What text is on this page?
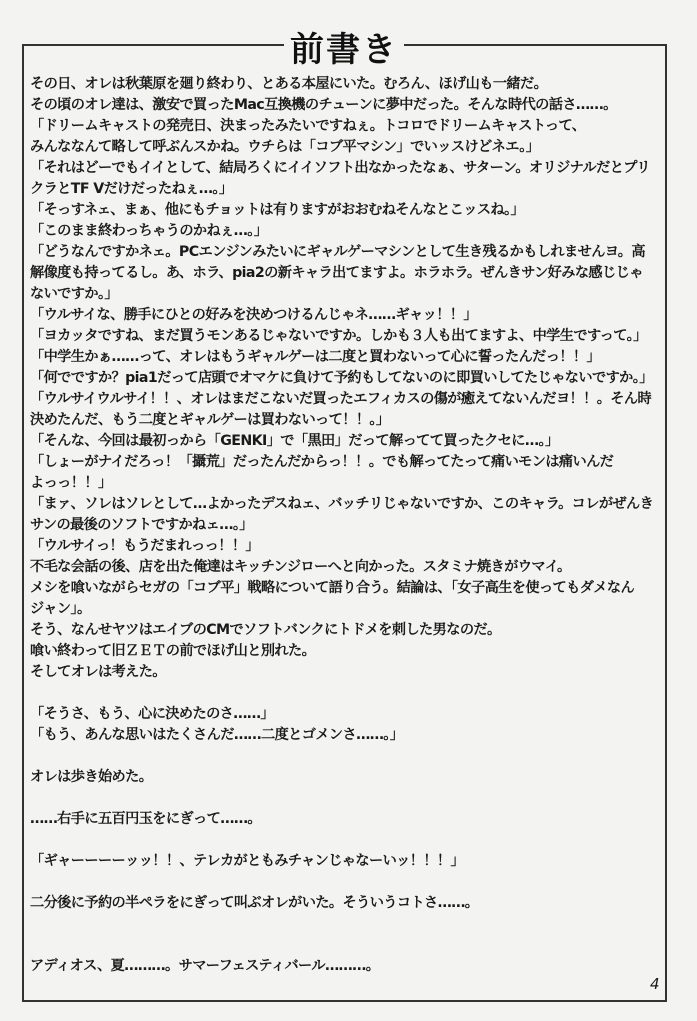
前書き
その日、オレは秋葉原を廻り終わり、とある本屋にいた。むろん、ほげ山も一緒だ。
その頃のオレ達は、激安で買ったMac互換機のチューンに夢中だった。そんな時代の話さ……。
「ドリームキャストの発売日、決まったみたいですねぇ。トコロでドリームキャストって、
みんななんて略して呼ぶんスかね。ウチらは「コブ平マシン」でいッスけどネエ。」
「それはどーでもイイとして、結局ろくにイイソフト出なかったなぁ、サターン。オリジナルだとプリ
クラとTF Vだけだったねぇ…。」
「そっすネェ、まぁ、他にもチョットは有りますがおおむねそんなとこッスね。」
「このまま終わっちゃうのかねぇ…。」
「どうなんですかネェ。PCエンジンみたいにギャルゲーマシンとして生き残るかもしれませんヨ。高
解像度も持ってるし。あ、ホラ、pia2の新キャラ出てますよ。ホラホラ。ぜんきサン好みな感じじゃ
ないですか。」
「ウルサイな、勝手にひとの好みを決めつけるんじゃネ……ギャッ！！」
「ヨカッタですね、まだ買うモンあるじゃないですか。しかも３人も出てますよ、中学生ですって。」
「中学生かぁ……って、オレはもうギャルゲーは二度と買わないって心に誓ったんだっ！！」
「何でですか？pia1だって店頭でオマケに負けて予約もしてないのに即買いしてたじゃないですか。」
「ウルサイウルサイ！！、オレはまだこないだ買ったエフィカスの傷が癒えてないんだヨ！！。そん時
決めたんだ、もう二度とギャルゲーは買わないって！！。」
「そんな、今回は最初っから「GENKI」で「黒田」だって解ってて買ったクセに…。」
「しょーがナイだろっ！「攝荒」だったんだからっ！！。でも解ってたって痛いモンは痛いんだ
よっっ！！」
「まァ、ソレはソレとして…よかったデスねェ、バッチリじゃないですか、このキャラ。コレがぜんき
サンの最後のソフトですかねェ…。」
「ウルサイっ！もうだまれっっ！！」
不毛な会話の後、店を出た俺達はキッチンジローへと向かった。スタミナ焼きがウマイ。
メシを喰いながらセガの「コブ平」戦略について語り合う。結論は、「女子高生を使ってもダメなん
ジャン」。
そう、なんせヤツはエイブのCMでソフトバンクにトドメを刺した男なのだ。
喰い終わって旧ＺＥＴの前でほげ山と別れた。
そしてオレは考えた。
「そうさ、もう、心に決めたのさ……」
「もう、あんな思いはたくさんだ……二度とゴメンさ……。」
オレは歩き始めた。
……右手に五百円玉をにぎって……。
「ギャーーーーッッ！！、テレカがともみチャンじゃなーいッ！！！」
二分後に予約の半ペラをにぎって叫ぶオレがいた。そういうコトさ……。
アディオス、夏………。サマーフェスティバール………。
4
